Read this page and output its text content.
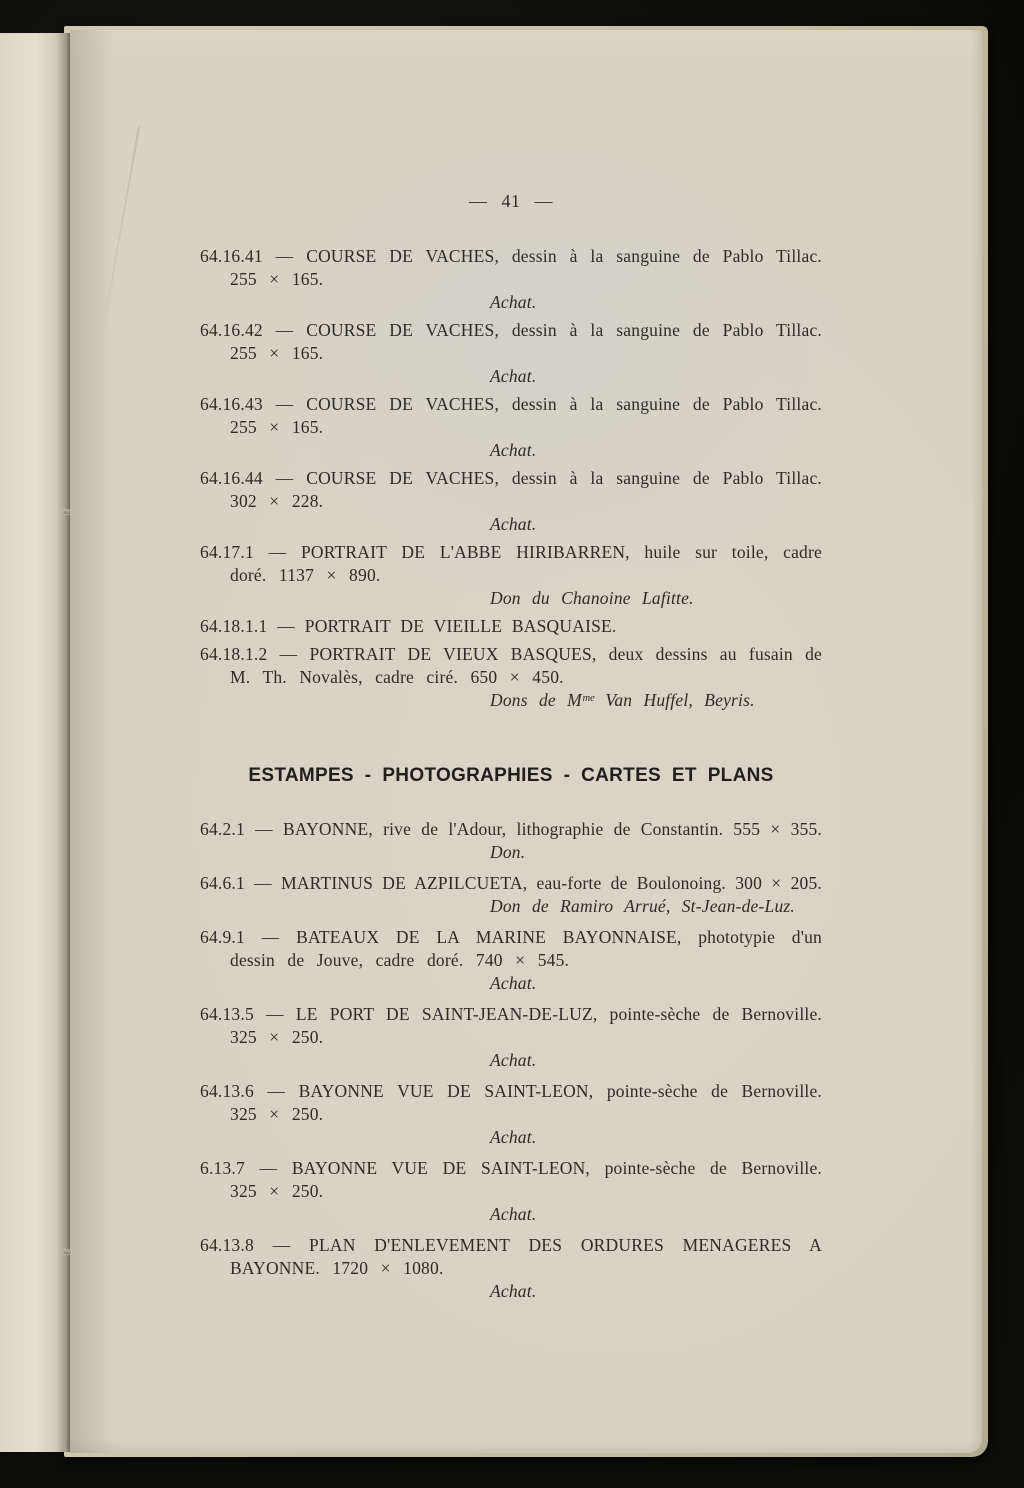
— 41 —
64.16.41 — COURSE DE VACHES, dessin à la sanguine de Pablo Tillac.
255 × 165.
Achat.
64.16.42 — COURSE DE VACHES, dessin à la sanguine de Pablo Tillac.
255 × 165.
Achat.
64.16.43 — COURSE DE VACHES, dessin à la sanguine de Pablo Tillac.
255 × 165.
Achat.
64.16.44 — COURSE DE VACHES, dessin à la sanguine de Pablo Tillac.
302 × 228.
Achat.
64.17.1 — PORTRAIT DE L'ABBE HIRIBARREN, huile sur toile, cadre
doré. 1137 × 890.
Don du Chanoine Lafitte.
64.18.1.1 — PORTRAIT DE VIEILLE BASQUAISE.
64.18.1.2 — PORTRAIT DE VIEUX BASQUES, deux dessins au fusain de
M. Th. Novalès, cadre ciré. 650 × 450.
Dons de Mᵐᵉ Van Huffel, Beyris.
ESTAMPES - PHOTOGRAPHIES - CARTES ET PLANS
64.2.1 — BAYONNE, rive de l'Adour, lithographie de Constantin. 555 × 355.
Don.
64.6.1 — MARTINUS DE AZPILCUETA, eau-forte de Boulonoing. 300 × 205.
Don de Ramiro Arrué, St-Jean-de-Luz.
64.9.1 — BATEAUX DE LA MARINE BAYONNAISE, phototypie d'un
dessin de Jouve, cadre doré. 740 × 545.
Achat.
64.13.5 — LE PORT DE SAINT-JEAN-DE-LUZ, pointe-sèche de Bernoville.
325 × 250.
Achat.
64.13.6 — BAYONNE VUE DE SAINT-LEON, pointe-sèche de Bernoville.
325 × 250.
Achat.
6.13.7 — BAYONNE VUE DE SAINT-LEON, pointe-sèche de Bernoville.
325 × 250.
Achat.
64.13.8 — PLAN D'ENLEVEMENT DES ORDURES MENAGERES A
BAYONNE. 1720 × 1080.
Achat.
